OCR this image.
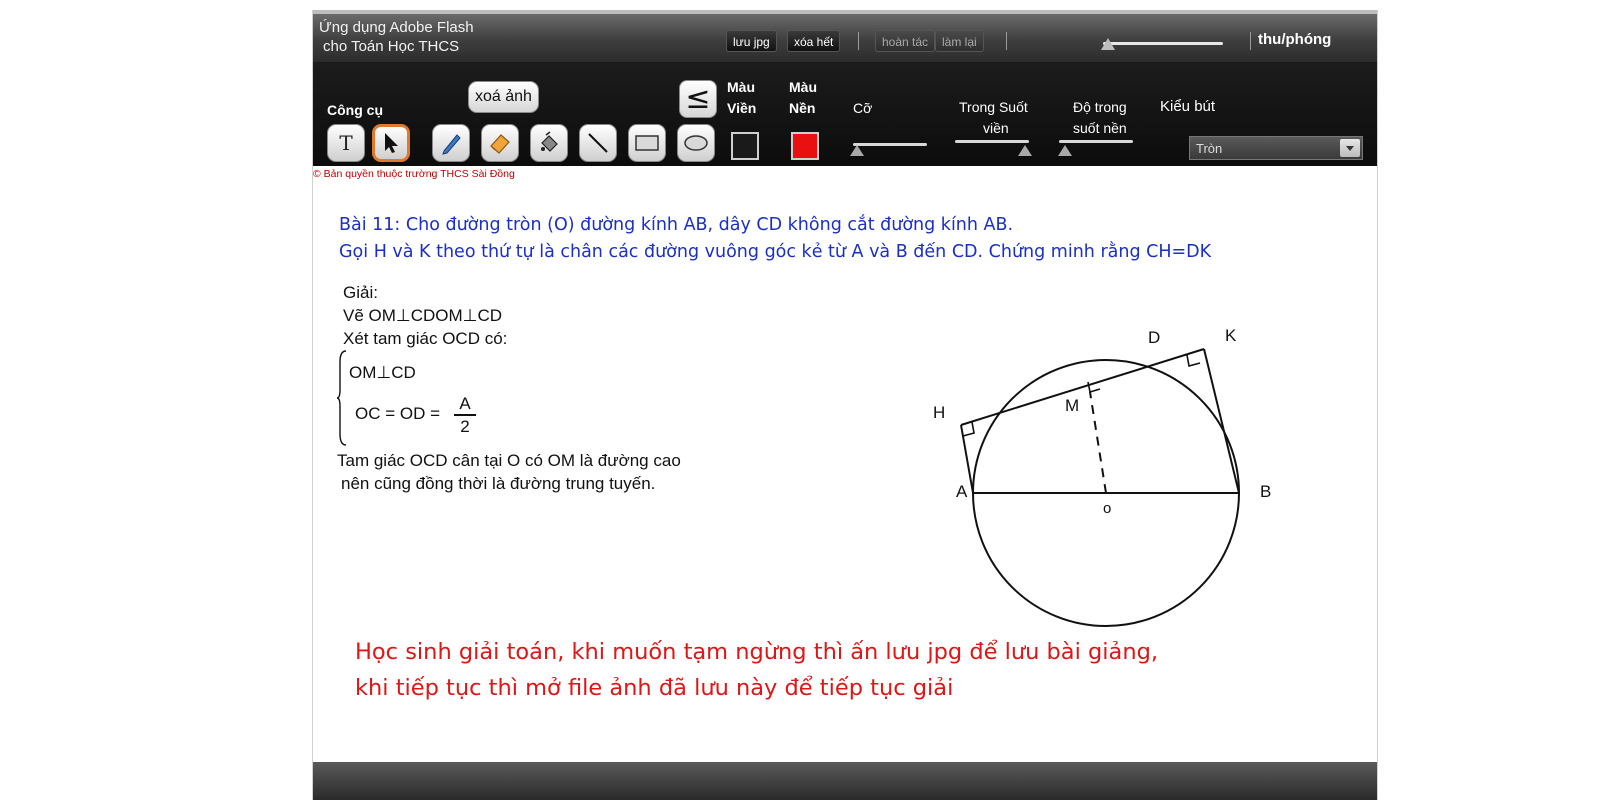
Ứng dụng Adobe Flash
cho Toán Học THCS	lưu jpg	xóa hết	hoàn tác	làm lại	thu/phóng
Công cụ
xoá ảnh	≤	Màu
Viền
Màu
Nền	Cỡ	Trong Suốt
viền
Độ trong
suốt nền
Kiểu bút
T	Tròn
© Bản quyền thuộc trường THCS Sài Đồng
Bài 11: Cho đường tròn (O) đường kính AB, dây CD không cắt đường kính AB.
Gọi H và K theo thứ tự là chân các đường vuông góc kẻ từ A và B đến CD. Chứng minh rằng CH=DK
Giải:
Vẽ OM⊥CDOM⊥CD
Xét tam giác OCD có:
OM⊥CD
OC = OD =
A
2
Tam giác OCD cân tại O có OM là đường cao
nên cũng đồng thời là đường trung tuyến.
D	K
H	M
A
o
B
Học sinh giải toán, khi muốn tạm ngừng thì ấn lưu jpg để lưu bài giảng,
khi tiếp tục thì mở file ảnh đã lưu này để tiếp tục giải
